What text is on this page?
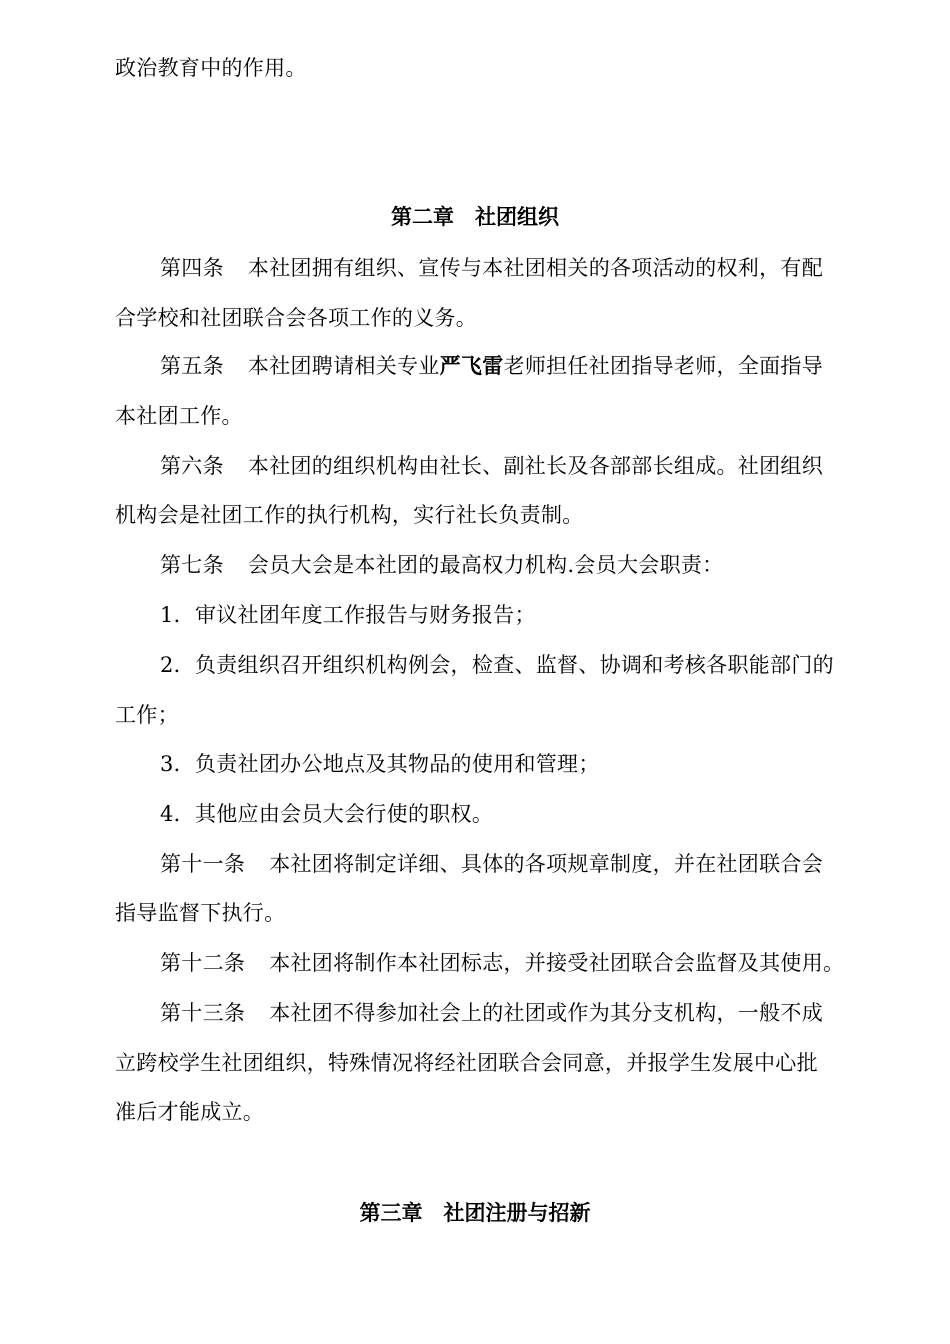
政治教育中的作用。
第二章　社团组织
第四条 本社团拥有组织、宣传与本社团相关的各项活动的权利，有配
合学校和社团联合会各项工作的义务。
第五条 本社团聘请相关专业严飞雷老师担任社团指导老师，全面指导
本社团工作。
第六条 本社团的组织机构由社长、副社长及各部部长组成。社团组织
机构会是社团工作的执行机构，实行社长负责制。
第七条 会员大会是本社团的最高权力机构.会员大会职责：
1．审议社团年度工作报告与财务报告；
2．负责组织召开组织机构例会，检查、监督、协调和考核各职能部门的
工作；
3．负责社团办公地点及其物品的使用和管理；
4．其他应由会员大会行使的职权。
第十一条 本社团将制定详细、具体的各项规章制度，并在社团联合会
指导监督下执行。
第十二条 本社团将制作本社团标志，并接受社团联合会监督及其使用。
第十三条 本社团不得参加社会上的社团或作为其分支机构，一般不成
立跨校学生社团组织，特殊情况将经社团联合会同意，并报学生发展中心批
准后才能成立。
第三章　社团注册与招新
